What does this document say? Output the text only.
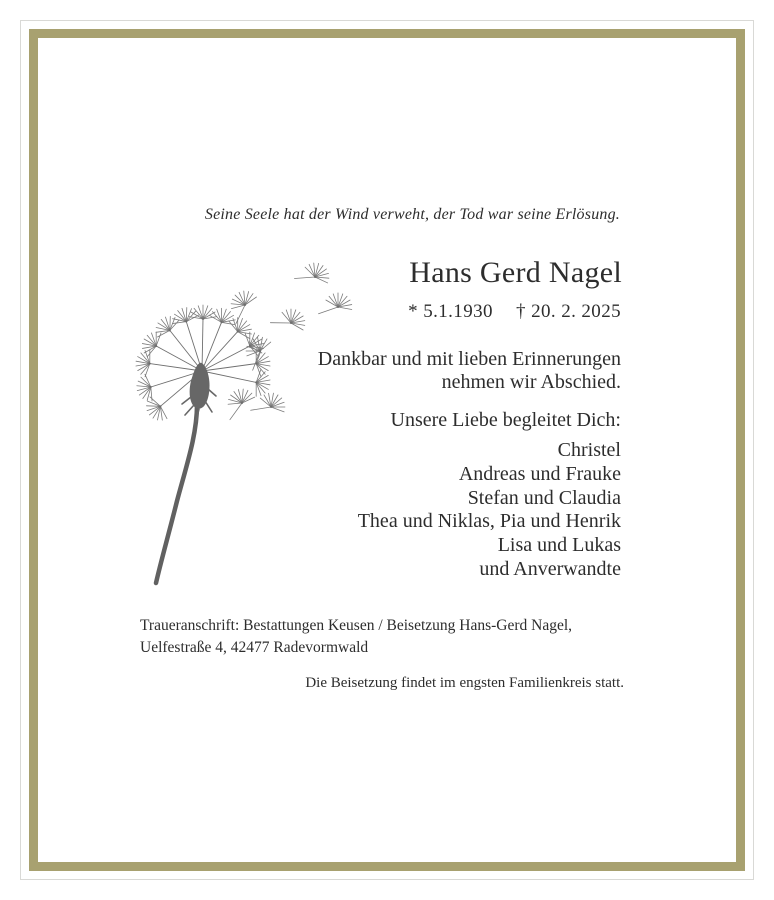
Seine Seele hat der Wind verweht, der Tod war seine Erlösung.
Hans Gerd Nagel
* 5.1.1930 † 20. 2. 2025
Dankbar und mit lieben Erinnerungen
nehmen wir Abschied.
Unsere Liebe begleitet Dich:
Christel
Andreas und Frauke
Stefan und Claudia
Thea und Niklas, Pia und Henrik
Lisa und Lukas
und Anverwandte
Traueranschrift: Bestattungen Keusen / Beisetzung Hans-Gerd Nagel,
Uelfestraße 4, 42477 Radevormwald
Die Beisetzung findet im engsten Familienkreis statt.
